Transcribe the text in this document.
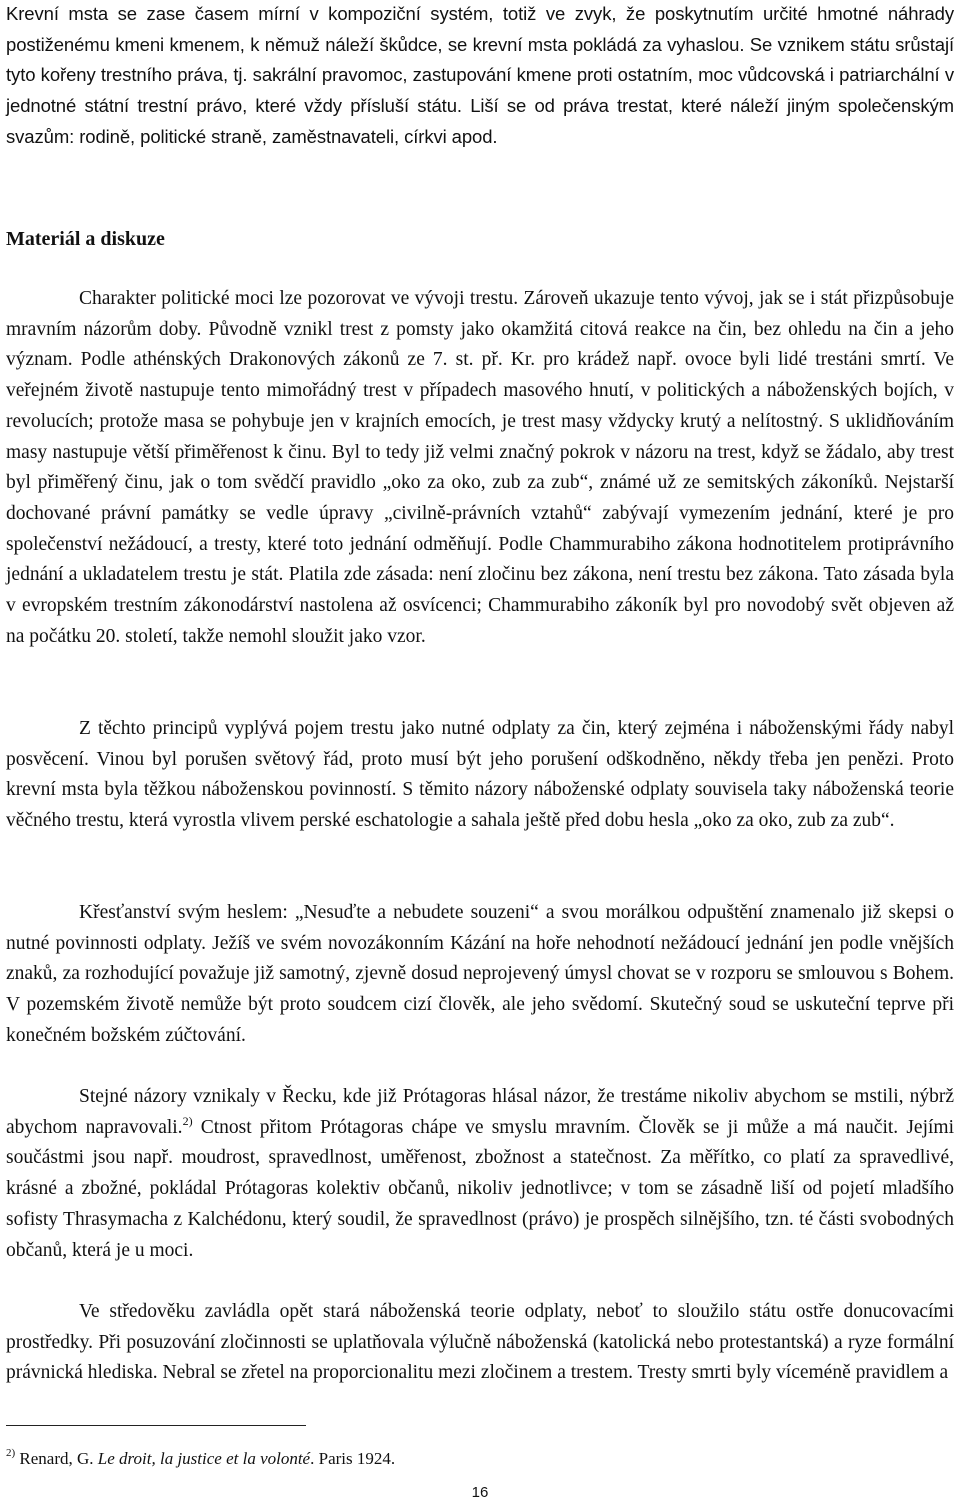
Krevní msta se zase časem mírní v kompoziční systém, totiž ve zvyk, že poskytnutím určité hmotné náhrady postiženému kmeni kmenem, k němuž náleží škůdce, se krevní msta pokládá za vyhaslou. Se vznikem státu srůstají tyto kořeny trestního práva, tj. sakrální pravomoc, zastupování kmene proti ostatním, moc vůdcovská i patriarchální v jednotné státní trestní právo, které vždy přísluší státu. Liší se od práva trestat, které náleží jiným společenským svazům: rodině, politické straně, zaměstnavateli, církvi apod.

Materiál a diskuze

Charakter politické moci lze pozorovat ve vývoji trestu. Zároveň ukazuje tento vývoj, jak se i stát přizpůsobuje mravním názorům doby. Původně vznikl trest z pomsty jako okamžitá citová reakce na čin, bez ohledu na čin a jeho význam. Podle athénských Drakonových zákonů ze 7. st. př. Kr. pro krádež např. ovoce byli lidé trestáni smrtí. Ve veřejném životě nastupuje tento mimořádný trest v případech masového hnutí, v politických a náboženských bojích, v revolucích; protože masa se pohybuje jen v krajních emocích, je trest masy vždycky krutý a nelítostný. S uklidňováním masy nastupuje větší přiměřenost k činu. Byl to tedy již velmi značný pokrok v názoru na trest, když se žádalo, aby trest byl přiměřený činu, jak o tom svědčí pravidlo „oko za oko, zub za zub“, známé už ze semitských zákoníků. Nejstarší dochované právní památky se vedle úpravy „civilně-právních vztahů“ zabývají vymezením jednání, které je pro společenství nežádoucí, a tresty, které toto jednání odměňují. Podle Chammurabiho zákona hodnotitelem protiprávního jednání a ukladatelem trestu je stát. Platila zde zásada: není zločinu bez zákona, není trestu bez zákona. Tato zásada byla v evropském trestním zákonodárství nastolena až osvícenci; Chammurabiho zákoník byl pro novodobý svět objeven až na počátku 20. století, takže nemohl sloužit jako vzor.

Z těchto principů vyplývá pojem trestu jako nutné odplaty za čin, který zejména i náboženskými řády nabyl posvěcení. Vinou byl porušen světový řád, proto musí být jeho porušení odškodněno, někdy třeba jen penězi. Proto krevní msta byla těžkou náboženskou povinností. S těmito názory náboženské odplaty souvisela taky náboženská teorie věčného trestu, která vyrostla vlivem perské eschatologie a sahala ještě před dobu hesla „oko za oko, zub za zub“.

Křesťanství svým heslem: „Nesuďte a nebudete souzeni“ a svou morálkou odpuštění znamenalo již skepsi o nutné povinnosti odplaty. Ježíš ve svém novozákonním Kázání na hoře nehodnotí nežádoucí jednání jen podle vnějších znaků, za rozhodující považuje již samotný, zjevně dosud neprojevený úmysl chovat se v rozporu se smlouvou s Bohem. V pozemském životě nemůže být proto soudcem cizí člověk, ale jeho svědomí. Skutečný soud se uskuteční teprve při konečném božském zúčtování.

Stejné názory vznikaly v Řecku, kde již Prótagoras hlásal názor, že trestáme nikoliv abychom se mstili, nýbrž abychom napravovali.$^{2)}$ Ctnost přitom Prótagoras chápe ve smyslu mravním. Člověk se ji může a má naučit. Jejími součástmi jsou např. moudrost, spravedlnost, uměřenost, zbožnost a statečnost. Za měřítko, co platí za spravedlivé, krásné a zbožné, pokládal Prótagoras kolektiv občanů, nikoliv jednotlivce; v tom se zásadně liší od pojetí mladšího sofisty Thrasymacha z Kalchédonu, který soudil, že spravedlnost (právo) je prospěch silnějšího, tzn. té části svobodných občanů, která je u moci.

Ve středověku zavládla opět stará náboženská teorie odplaty, neboť to sloužilo státu ostře donucovacími prostředky. Při posuzování zločinnosti se uplatňovala výlučně náboženská (katolická nebo protestantská) a ryze formální právnická hlediska. Nebral se zřetel na proporcionalitu mezi zločinem a trestem. Tresty smrti byly víceméně pravidlem a

$^{2)}$ Renard, G. Le droit, la justice et la volonté. Paris 1924.

16
